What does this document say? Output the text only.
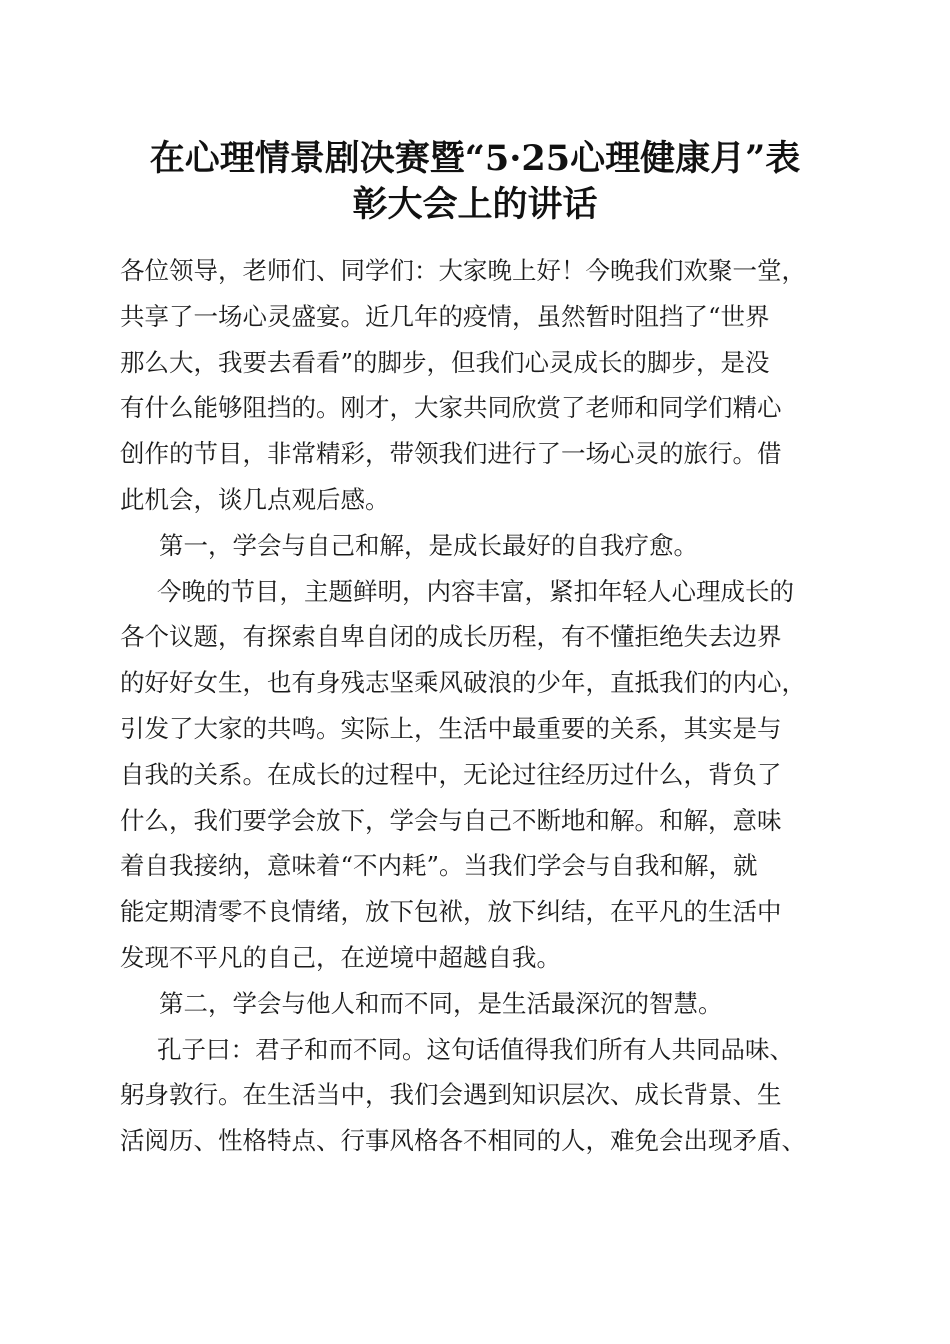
在心理情景剧决赛暨“5·25心理健康月”表
彰大会上的讲话
各位领导，老师们、同学们：大家晚上好！今晚我们欢聚一堂，
共享了一场心灵盛宴。近几年的疫情，虽然暂时阻挡了“世界
那么大，我要去看看”的脚步，但我们心灵成长的脚步，是没
有什么能够阻挡的。刚才，大家共同欣赏了老师和同学们精心
创作的节目，非常精彩，带领我们进行了一场心灵的旅行。借
此机会，谈几点观后感。
第一，学会与自己和解，是成长最好的自我疗愈。
今晚的节目，主题鲜明，内容丰富，紧扣年轻人心理成长的
各个议题，有探索自卑自闭的成长历程，有不懂拒绝失去边界
的好好女生，也有身残志坚乘风破浪的少年，直抵我们的内心，
引发了大家的共鸣。实际上，生活中最重要的关系，其实是与
自我的关系。在成长的过程中，无论过往经历过什么，背负了
什么，我们要学会放下，学会与自己不断地和解。和解，意味
着自我接纳，意味着“不内耗”。当我们学会与自我和解，就
能定期清零不良情绪，放下包袱，放下纠结，在平凡的生活中
发现不平凡的自己，在逆境中超越自我。
第二，学会与他人和而不同，是生活最深沉的智慧。
孔子曰：君子和而不同。这句话值得我们所有人共同品味、
躬身敦行。在生活当中，我们会遇到知识层次、成长背景、生
活阅历、性格特点、行事风格各不相同的人，难免会出现矛盾、
